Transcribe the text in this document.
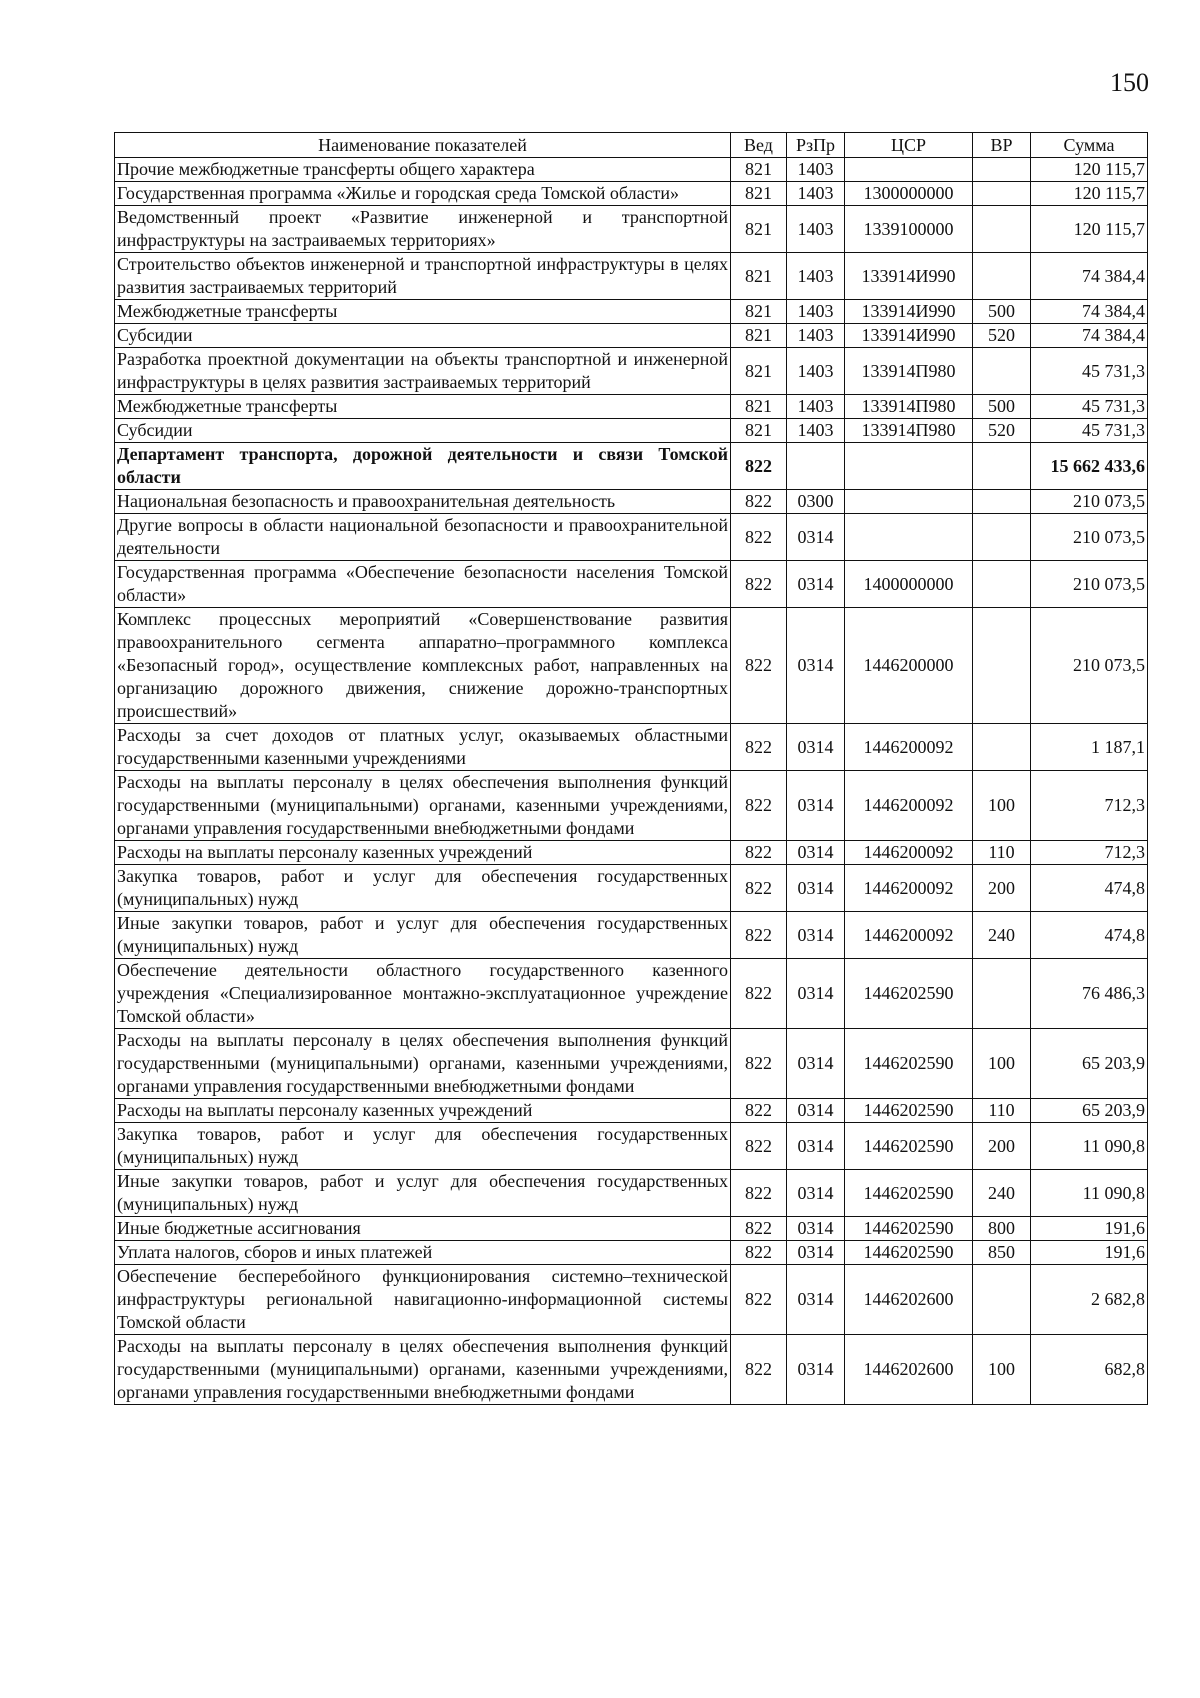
150
Наименование показателей	Вед	РзПр	ЦСР	ВР	Сумма
Прочие межбюджетные трансферты общего характера	821	1403			120 115,7
Государственная программа «Жилье и городская среда Томской области»	821	1403	1300000000		120 115,7
Ведомственный проект «Развитие инженерной и транспортной инфраструктуры на застраиваемых территориях»	821	1403	1339100000		120 115,7
Строительство объектов инженерной и транспортной инфраструктуры в целях развития застраиваемых территорий	821	1403	133914И990		74 384,4
Межбюджетные трансферты	821	1403	133914И990	500	74 384,4
Субсидии	821	1403	133914И990	520	74 384,4
Разработка проектной документации на объекты транспортной и инженерной инфраструктуры в целях развития застраиваемых территорий	821	1403	133914П980		45 731,3
Межбюджетные трансферты	821	1403	133914П980	500	45 731,3
Субсидии	821	1403	133914П980	520	45 731,3
Департамент транспорта, дорожной деятельности и связи Томской области	822				15 662 433,6
Национальная безопасность и правоохранительная деятельность	822	0300			210 073,5
Другие вопросы в области национальной безопасности и правоохранительной деятельности	822	0314			210 073,5
Государственная программа «Обеспечение безопасности населения Томской области»	822	0314	1400000000		210 073,5
Комплекс процессных мероприятий «Совершенствование развития правоохранительного сегмента аппаратно–программного комплекса «Безопасный город», осуществление комплексных работ, направленных на организацию дорожного движения, снижение дорожно-транспортных происшествий»	822	0314	1446200000		210 073,5
Расходы за счет доходов от платных услуг, оказываемых областными государственными казенными учреждениями	822	0314	1446200092		1 187,1
Расходы на выплаты персоналу в целях обеспечения выполнения функций государственными (муниципальными) органами, казенными учреждениями, органами управления государственными внебюджетными фондами	822	0314	1446200092	100	712,3
Расходы на выплаты персоналу казенных учреждений	822	0314	1446200092	110	712,3
Закупка товаров, работ и услуг для обеспечения государственных (муниципальных) нужд	822	0314	1446200092	200	474,8
Иные закупки товаров, работ и услуг для обеспечения государственных (муниципальных) нужд	822	0314	1446200092	240	474,8
Обеспечение деятельности областного государственного казенного учреждения «Специализированное монтажно-эксплуатационное учреждение Томской области»	822	0314	1446202590		76 486,3
Расходы на выплаты персоналу в целях обеспечения выполнения функций государственными (муниципальными) органами, казенными учреждениями, органами управления государственными внебюджетными фондами	822	0314	1446202590	100	65 203,9
Расходы на выплаты персоналу казенных учреждений	822	0314	1446202590	110	65 203,9
Закупка товаров, работ и услуг для обеспечения государственных (муниципальных) нужд	822	0314	1446202590	200	11 090,8
Иные закупки товаров, работ и услуг для обеспечения государственных (муниципальных) нужд	822	0314	1446202590	240	11 090,8
Иные бюджетные ассигнования	822	0314	1446202590	800	191,6
Уплата налогов, сборов и иных платежей	822	0314	1446202590	850	191,6
Обеспечение бесперебойного функционирования системно–технической инфраструктуры региональной навигационно-информационной системы Томской области	822	0314	1446202600		2 682,8
Расходы на выплаты персоналу в целях обеспечения выполнения функций государственными (муниципальными) органами, казенными учреждениями, органами управления государственными внебюджетными фондами	822	0314	1446202600	100	682,8
